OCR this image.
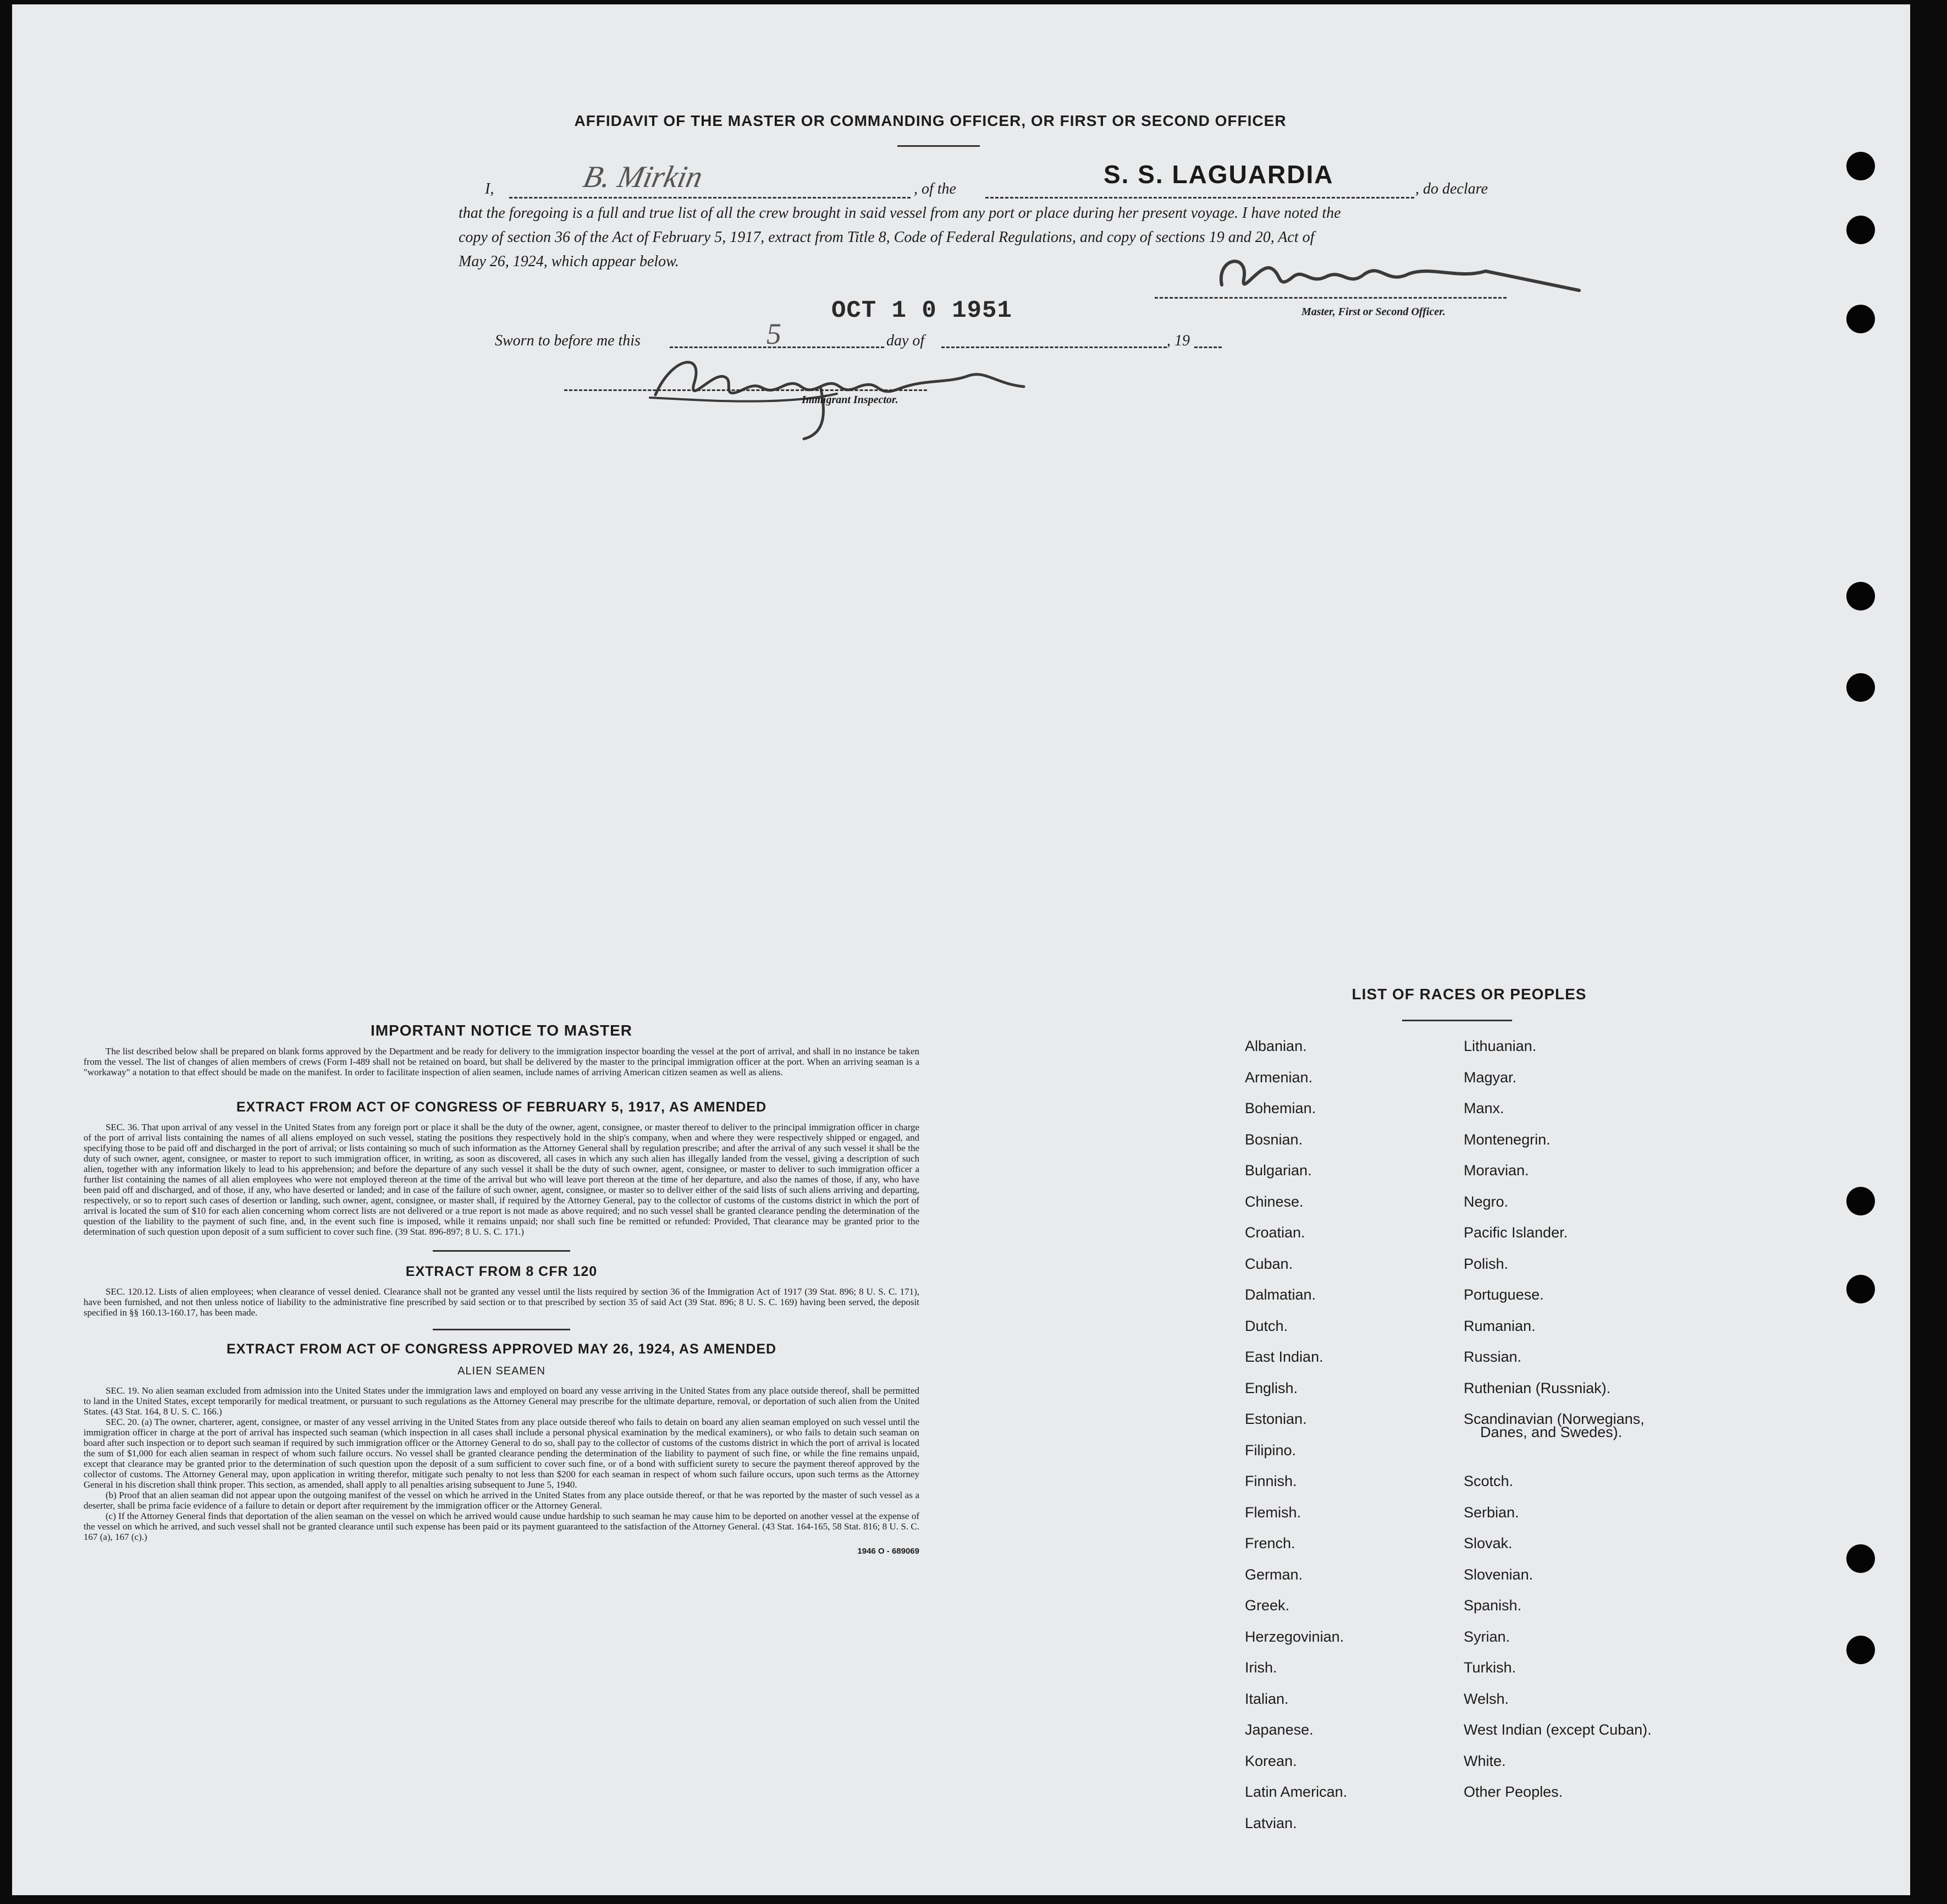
AFFIDAVIT OF THE MASTER OR COMMANDING OFFICER, OR FIRST OR SECOND OFFICER
I,	B. Mirkin	, of the
S. S. LAGUARDIA
, do declare
that the foregoing is a full and true list of all the crew brought in said vessel from any port or place during her present voyage. I have noted the
copy of section 36 of the Act of February 5, 1917, extract from Title 8, Code of Federal Regulations, and copy of sections 19 and 20, Act of
May 26, 1924, which appear below.
Master, First or Second Officer.
OCT 1 0 1951
Sworn to before me this	5	day of	, 19
Immigrant Inspector.
IMPORTANT NOTICE TO MASTER

The list described below shall be prepared on blank forms approved by the Department and be ready for delivery to the immigration inspector boarding the vessel at the port of arrival, and shall in no instance be taken from the vessel. The list of changes of alien members of crews (Form I-489 shall not be retained on board, but shall be delivered by the master to the principal immigration officer at the port. When an arriving seaman is a "workaway" a notation to that effect should be made on the manifest. In order to facilitate inspection of alien seamen, include names of arriving American citizen seamen as well as aliens.

EXTRACT FROM ACT OF CONGRESS OF FEBRUARY 5, 1917, AS AMENDED

SEC. 36. That upon arrival of any vessel in the United States from any foreign port or place it shall be the duty of the owner, agent, consignee, or master thereof to deliver to the principal immigration officer in charge of the port of arrival lists containing the names of all aliens employed on such vessel, stating the positions they respectively hold in the ship's company, when and where they were respectively shipped or engaged, and specifying those to be paid off and discharged in the port of arrival; or lists containing so much of such information as the Attorney General shall by regulation prescribe; and after the arrival of any such vessel it shall be the duty of such owner, agent, consignee, or master to report to such immigration officer, in writing, as soon as discovered, all cases in which any such alien has illegally landed from the vessel, giving a description of such alien, together with any information likely to lead to his apprehension; and before the departure of any such vessel it shall be the duty of such owner, agent, consignee, or master to deliver to such immigration officer a further list containing the names of all alien employees who were not employed thereon at the time of the arrival but who will leave port thereon at the time of her departure, and also the names of those, if any, who have been paid off and discharged, and of those, if any, who have deserted or landed; and in case of the failure of such owner, agent, consignee, or master so to deliver either of the said lists of such aliens arriving and departing, respectively, or so to report such cases of desertion or landing, such owner, agent, consignee, or master shall, if required by the Attorney General, pay to the collector of customs of the customs district in which the port of arrival is located the sum of $10 for each alien concerning whom correct lists are not delivered or a true report is not made as above required; and no such vessel shall be granted clearance pending the determination of the question of the liability to the payment of such fine, and, in the event such fine is imposed, while it remains unpaid; nor shall such fine be remitted or refunded: Provided, That clearance may be granted prior to the determination of such question upon deposit of a sum sufficient to cover such fine. (39 Stat. 896-897; 8 U. S. C. 171.)

EXTRACT FROM 8 CFR 120

SEC. 120.12. Lists of alien employees; when clearance of vessel denied. Clearance shall not be granted any vessel until the lists required by section 36 of the Immigration Act of 1917 (39 Stat. 896; 8 U. S. C. 171), have been furnished, and not then unless notice of liability to the administrative fine prescribed by said section or to that prescribed by section 35 of said Act (39 Stat. 896; 8 U. S. C. 169) having been served, the deposit specified in §§ 160.13-160.17, has been made.

EXTRACT FROM ACT OF CONGRESS APPROVED MAY 26, 1924, AS AMENDED
ALIEN SEAMEN

SEC. 19. No alien seaman excluded from admission into the United States under the immigration laws and employed on board any vesse arriving in the United States from any place outside thereof, shall be permitted to land in the United States, except temporarily for medical treatment, or pursuant to such regulations as the Attorney General may prescribe for the ultimate departure, removal, or deportation of such alien from the United States. (43 Stat. 164, 8 U. S. C. 166.)

SEC. 20. (a) The owner, charterer, agent, consignee, or master of any vessel arriving in the United States from any place outside thereof who fails to detain on board any alien seaman employed on such vessel until the immigration officer in charge at the port of arrival has inspected such seaman (which inspection in all cases shall include a personal physical examination by the medical examiners), or who fails to detain such seaman on board after such inspection or to deport such seaman if required by such immigration officer or the Attorney General to do so, shall pay to the collector of customs of the customs district in which the port of arrival is located the sum of $1,000 for each alien seaman in respect of whom such failure occurs. No vessel shall be granted clearance pending the determination of the liability to payment of such fine, or while the fine remains unpaid, except that clearance may be granted prior to the determination of such question upon the deposit of a sum sufficient to cover such fine, or of a bond with sufficient surety to secure the payment thereof approved by the collector of customs. The Attorney General may, upon application in writing therefor, mitigate such penalty to not less than $200 for each seaman in respect of whom such failure occurs, upon such terms as the Attorney General in his discretion shall think proper. This section, as amended, shall apply to all penalties arising subsequent to June 5, 1940.

(b) Proof that an alien seaman did not appear upon the outgoing manifest of the vessel on which he arrived in the United States from any place outside thereof, or that he was reported by the master of such vessel as a deserter, shall be prima facie evidence of a failure to detain or deport after requirement by the immigration officer or the Attorney General.

(c) If the Attorney General finds that deportation of the alien seaman on the vessel on which he arrived would cause undue hardship to such seaman he may cause him to be deported on another vessel at the expense of the vessel on which he arrived, and such vessel shall not be granted clearance until such expense has been paid or its payment guaranteed to the satisfaction of the Attorney General. (43 Stat. 164-165, 58 Stat. 816; 8 U. S. C. 167 (a), 167 (c).)

1946 O - 689069
LIST OF RACES OR PEOPLES
Albanian.
Armenian.
Bohemian.
Bosnian.
Bulgarian.
Chinese.
Croatian.
Cuban.
Dalmatian.
Dutch.
East Indian.
English.
Estonian.
Filipino.
Finnish.
Flemish.
French.
German.
Greek.
Herzegovinian.
Irish.
Italian.
Japanese.
Korean.
Latin American.
Latvian.
Lithuanian.
Magyar.
Manx.
Montenegrin.
Moravian.
Negro.
Pacific Islander.
Polish.
Portuguese.
Rumanian.
Russian.
Ruthenian (Russniak).
Scandinavian (Norwegians,
Danes, and Swedes).
Scotch.
Serbian.
Slovak.
Slovenian.
Spanish.
Syrian.
Turkish.
Welsh.
West Indian (except Cuban).
White.
Other Peoples.
